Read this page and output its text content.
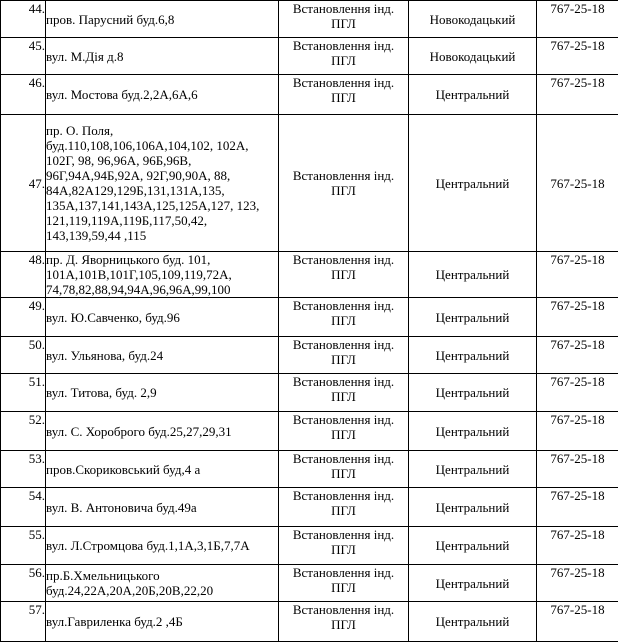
44.	пров. Парусний буд.6,8	Встановлення інд. ПГЛ	Новокодацький	767-25-18
45.	вул. М.Дія д.8	Встановлення інд. ПГЛ	Новокодацький	767-25-18
46.	вул. Мостова буд.2,2А,6А,6	Встановлення інд. ПГЛ	Центральний	767-25-18
47.	пр. О. Поля, буд.110,108,106,106А,104,102, 102А, 102Г, 98, 96,96А, 96Б,96В, 96Г,94А,94Б,92А, 92Г,90,90А, 88, 84А,82А129,129Б,131,131А,135, 135А,137,141,143А,125,125А,127, 123, 121,119,119А,119Б,117,50,42, 143,139,59,44 ,115	Встановлення інд. ПГЛ	Центральний	767-25-18
48.	пр. Д. Яворницького буд. 101, 101А,101В,101Г,105,109,119,72А, 74,78,82,88,94,94А,96,96А,99,100	Встановлення інд. ПГЛ	Центральний	767-25-18
49.	вул. Ю.Савченко, буд.96	Встановлення інд. ПГЛ	Центральний	767-25-18
50.	вул. Ульянова, буд.24	Встановлення інд. ПГЛ	Центральний	767-25-18
51.	вул. Титова, буд. 2,9	Встановлення інд. ПГЛ	Центральний	767-25-18
52.	вул. С. Хороброго буд.25,27,29,31	Встановлення інд. ПГЛ	Центральний	767-25-18
53.	пров.Скориковський буд,4 а	Встановлення інд. ПГЛ	Центральний	767-25-18
54.	вул. В. Антоновича буд.49а	Встановлення інд. ПГЛ	Центральний	767-25-18
55.	вул. Л.Стромцова буд.1,1А,3,1Б,7,7А	Встановлення інд. ПГЛ	Центральний	767-25-18
56.	пр.Б.Хмельницького буд.24,22А,20А,20Б,20В,22,20	Встановлення інд. ПГЛ	Центральний	767-25-18
57.	вул.Гавриленка буд.2 ,4Б	Встановлення інд. ПГЛ	Центральний	767-25-18
